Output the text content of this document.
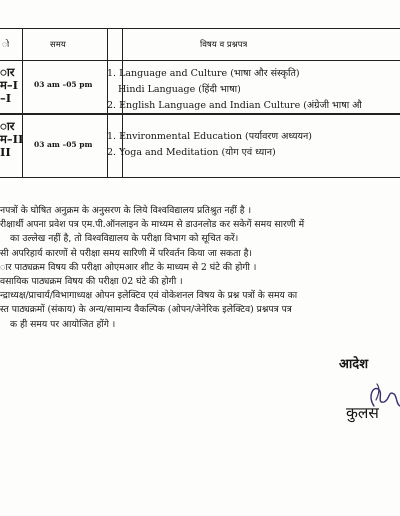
ो	समय	विषय व प्रश्नपत्र
ार
म–I
–I
03 am –05 pm
1. Language and Culture (भाषा और संस्कृति)
Hindi Language (हिंदी भाषा)
2. English Language and Indian Culture (अंग्रेजी भाषा औ
ार
म–II
II
03 am –05 pm
1. Environmental Education (पर्यावरण अध्ययन)
2. Yoga and Meditation (योग एवं ध्यान)
नपत्रों के घोषित अनुक्रम के अनुसरण के लिये विश्वविद्यालय प्रतिश्रुत नहीं है ।
रीक्षार्थी अपना प्रवेश पत्र एम.पी.ऑनलाइन के माध्यम से डाउनलोड कर सकेगें समय सारणी में
का उल्लेख नहीं है, तो विश्वविद्यालय के परीक्षा विभाग को सूचित करें।
सी अपरिहार्य कारणों से परीक्षा समय सारिणी में परिवर्तन किया जा सकता है।
ार पाठ्यक्रम विषय की परीक्षा ओएमआर शीट के माध्यम से 2 घंटे की होगी ।
वसायिक पाठ्यक्रम विषय की परीक्षा 02 घंटे की होगी ।
न्द्राध्यक्ष/प्राचार्य/विभागाध्यक्ष ओपन इलेक्टिव एवं वोकेशनल विषय के प्रश्न पत्रों के समय का
स्त पाठ्यक्रमों (संकाय) के अन्य/सामान्य वैकल्पिक (ओपन/जेनेरिक इलेक्टिव) प्रश्नपत्र पत्र
क ही समय पर आयोजित होंगे ।
आदेश
कुलस
